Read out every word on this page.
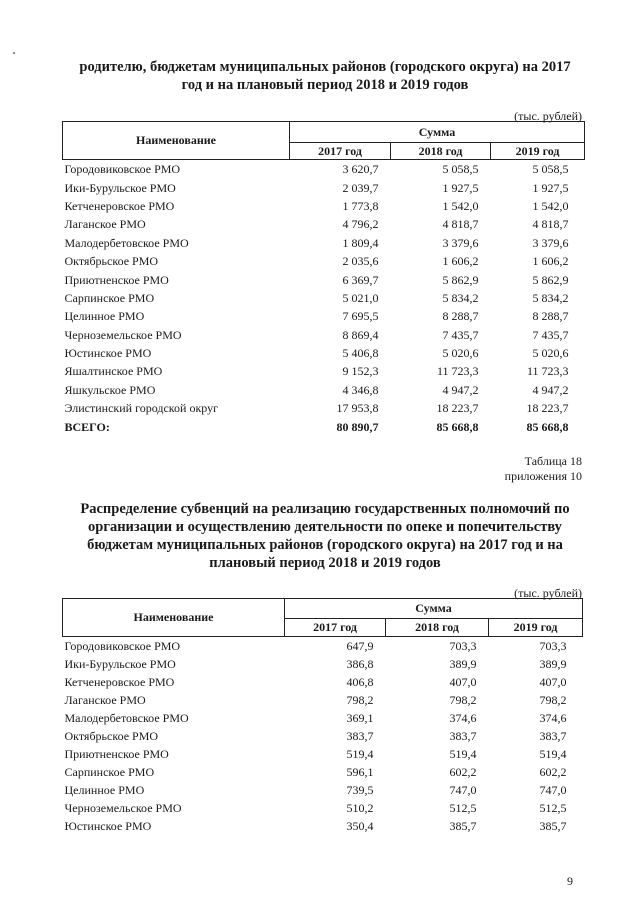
родителю, бюджетам муниципальных районов (городского округа) на 2017
год и на плановый период 2018 и 2019 годов
(тыс. рублей)
Наименование	Сумма		
	2017 год	2018 год	2019 год
Городовиковское РМО	3 620,7	5 058,5	5 058,5
Ики-Бурульское РМО	2 039,7	1 927,5	1 927,5
Кетченеровское РМО	1 773,8	1 542,0	1 542,0
Лаганское РМО	4 796,2	4 818,7	4 818,7
Малодербетовское РМО	1 809,4	3 379,6	3 379,6
Октябрьское РМО	2 035,6	1 606,2	1 606,2
Приютненское РМО	6 369,7	5 862,9	5 862,9
Сарпинское РМО	5 021,0	5 834,2	5 834,2
Целинное РМО	7 695,5	8 288,7	8 288,7
Черноземельское РМО	8 869,4	7 435,7	7 435,7
Юстинское РМО	5 406,8	5 020,6	5 020,6
Яшалтинское РМО	9 152,3	11 723,3	11 723,3
Яшкульское РМО	4 346,8	4 947,2	4 947,2
Элистинский городской округ	17 953,8	18 223,7	18 223,7
ВСЕГО:	80 890,7	85 668,8	85 668,8
Таблица 18
приложения 10
Распределение субвенций на реализацию государственных полномочий по
организации и осуществлению деятельности по опеке и попечительству
бюджетам муниципальных районов (городского округа) на 2017 год и на
плановый период 2018 и 2019 годов
(тыс. рублей)
Наименование	Сумма		
	2017 год	2018 год	2019 год
Городовиковское РМО	647,9	703,3	703,3
Ики-Бурульское РМО	386,8	389,9	389,9
Кетченеровское РМО	406,8	407,0	407,0
Лаганское РМО	798,2	798,2	798,2
Малодербетовское РМО	369,1	374,6	374,6
Октябрьское РМО	383,7	383,7	383,7
Приютненское РМО	519,4	519,4	519,4
Сарпинское РМО	596,1	602,2	602,2
Целинное РМО	739,5	747,0	747,0
Черноземельское РМО	510,2	512,5	512,5
Юстинское РМО	350,4	385,7	385,7
9
